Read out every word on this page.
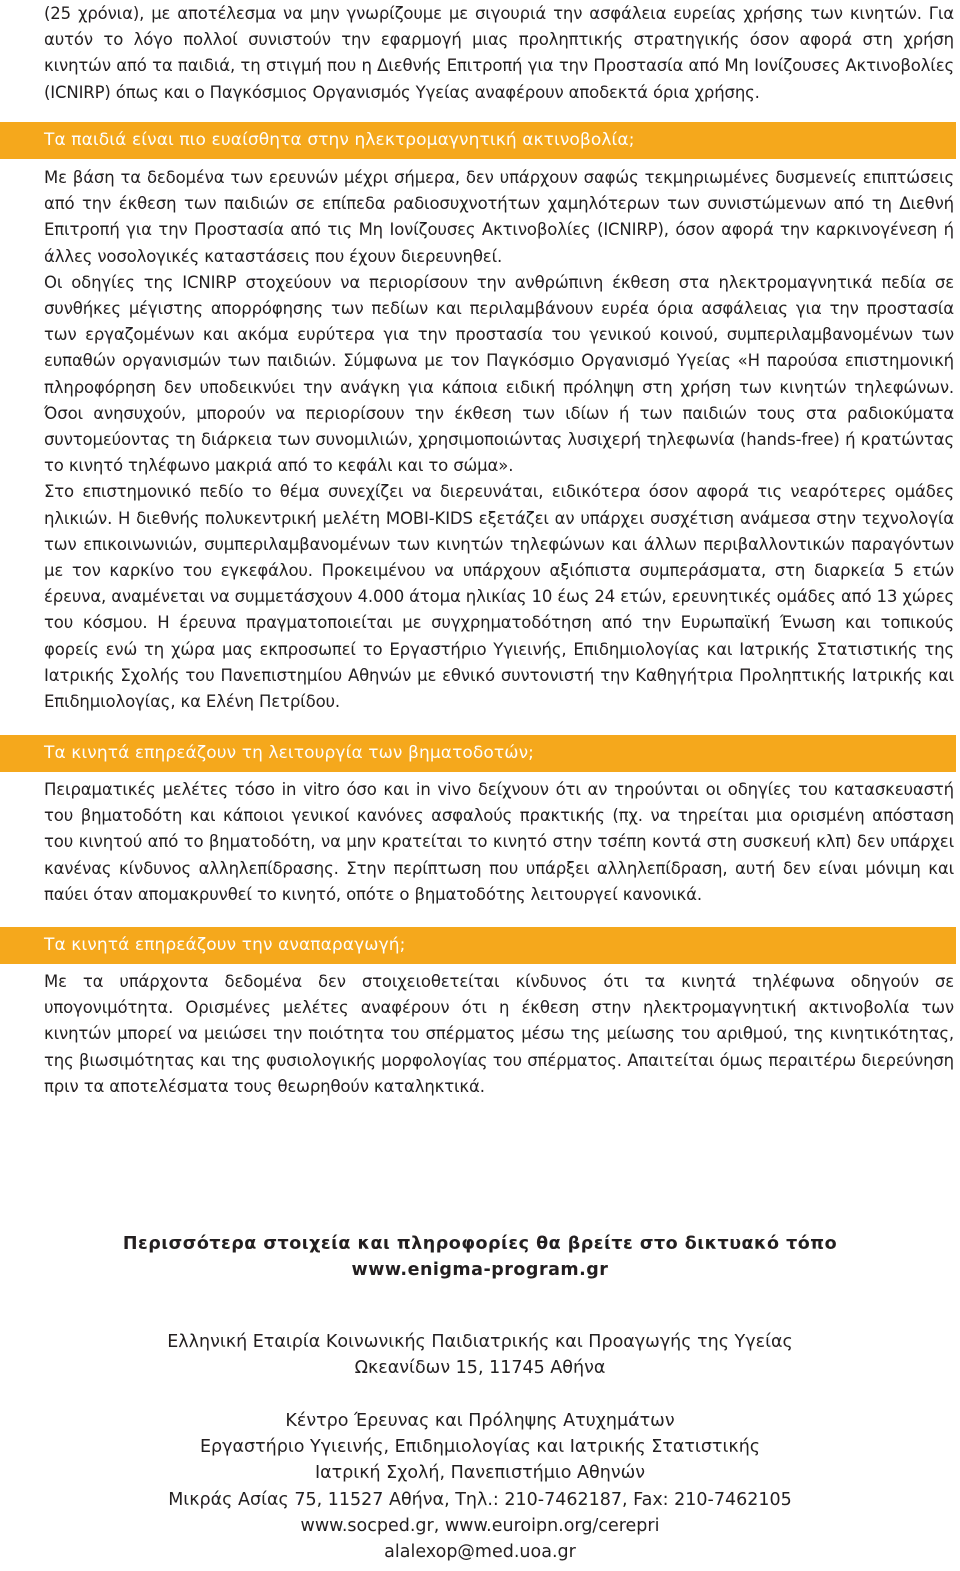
(25 χρόνια), με αποτέλεσμα να μην γνωρίζουμε με σιγουριά την ασφάλεια ευρείας χρήσης των κινητών. Για αυτόν το λόγο πολλοί συνιστούν την εφαρμογή μιας προληπτικής στρατηγικής όσον αφορά στη χρήση κινητών από τα παιδιά, τη στιγμή που η Διεθνής Επιτροπή για την Προστασία από Μη Ιονίζουσες Ακτινοβολίες (ICNIRP) όπως και ο Παγκόσμιος Οργανισμός Υγείας αναφέρουν αποδεκτά όρια χρήσης.

Τα παιδιά είναι πιο ευαίσθητα στην ηλεκτρομαγνητική ακτινοβολία;

Με βάση τα δεδομένα των ερευνών μέχρι σήμερα, δεν υπάρχουν σαφώς τεκμηριωμένες δυσμενείς επιπτώσεις από την έκθεση των παιδιών σε επίπεδα ραδιοσυχνοτήτων χαμηλότερων των συνιστώμενων από τη Διεθνή Επιτροπή για την Προστασία από τις Μη Ιονίζουσες Ακτινοβολίες (ICNIRP), όσον αφορά την καρκινογένεση ή άλλες νοσολογικές καταστάσεις που έχουν διερευνηθεί.

Οι οδηγίες της ICNIRP στοχεύουν να περιορίσουν την ανθρώπινη έκθεση στα ηλεκτρομαγνητικά πεδία σε συνθήκες μέγιστης απορρόφησης των πεδίων και περιλαμβάνουν ευρέα όρια ασφάλειας για την προστασία των εργαζομένων και ακόμα ευρύτερα για την προστασία του γενικού κοινού, συμπεριλαμβανομένων των ευπαθών οργανισμών των παιδιών. Σύμφωνα με τον Παγκόσμιο Οργανισμό Υγείας «Η παρούσα επιστημονική πληροφόρηση δεν υποδεικνύει την ανάγκη για κάποια ειδική πρόληψη στη χρήση των κινητών τηλεφώνων. Όσοι ανησυχούν, μπορούν να περιορίσουν την έκθεση των ιδίων ή των παιδιών τους στα ραδιοκύματα συντομεύοντας τη διάρκεια των συνομιλιών, χρησιμοποιώντας λυσιχερή τηλεφωνία (hands-free) ή κρατώντας το κινητό τηλέφωνο μακριά από το κεφάλι και το σώμα».

Στο επιστημονικό πεδίο το θέμα συνεχίζει να διερευνάται, ειδικότερα όσον αφορά τις νεαρότερες ομάδες ηλικιών. Η διεθνής πολυκεντρική μελέτη MOBI-KIDS εξετάζει αν υπάρχει συσχέτιση ανάμεσα στην τεχνολογία των επικοινωνιών, συμπεριλαμβανομένων των κινητών τηλεφώνων και άλλων περιβαλλοντικών παραγόντων με τον καρκίνο του εγκεφάλου. Προκειμένου να υπάρχουν αξιόπιστα συμπεράσματα, στη διαρκεία 5 ετών έρευνα, αναμένεται να συμμετάσχουν 4.000 άτομα ηλικίας 10 έως 24 ετών, ερευνητικές ομάδες από 13 χώρες του κόσμου. Η έρευνα πραγματοποιείται με συγχρηματοδότηση από την Ευρωπαϊκή Ένωση και τοπικούς φορείς ενώ τη χώρα μας εκπροσωπεί το Εργαστήριο Υγιεινής, Επιδημιολογίας και Ιατρικής Στατιστικής της Ιατρικής Σχολής του Πανεπιστημίου Αθηνών με εθνικό συντονιστή την Καθηγήτρια Προληπτικής Ιατρικής και Επιδημιολογίας, κα Ελένη Πετρίδου.

Τα κινητά επηρεάζουν τη λειτουργία των βηματοδοτών;

Πειραματικές μελέτες τόσο in vitro όσο και in vivo δείχνουν ότι αν τηρούνται οι οδηγίες του κατασκευαστή του βηματοδότη και κάποιοι γενικοί κανόνες ασφαλούς πρακτικής (πχ. να τηρείται μια ορισμένη απόσταση του κινητού από το βηματοδότη, να μην κρατείται το κινητό στην τσέπη κοντά στη συσκευή κλπ) δεν υπάρχει κανένας κίνδυνος αλληλεπίδρασης. Στην περίπτωση που υπάρξει αλληλεπίδραση, αυτή δεν είναι μόνιμη και παύει όταν απομακρυνθεί το κινητό, οπότε ο βηματοδότης λειτουργεί κανονικά.

Τα κινητά επηρεάζουν την αναπαραγωγή;

Με τα υπάρχοντα δεδομένα δεν στοιχειοθετείται κίνδυνος ότι τα κινητά τηλέφωνα οδηγούν σε υπογονιμότητα. Ορισμένες μελέτες αναφέρουν ότι η έκθεση στην ηλεκτρομαγνητική ακτινοβολία των κινητών μπορεί να μειώσει την ποιότητα του σπέρματος μέσω της μείωσης του αριθμού, της κινητικότητας, της βιωσιμότητας και της φυσιολογικής μορφολογίας του σπέρματος. Απαιτείται όμως περαιτέρω διερεύνηση πριν τα αποτελέσματα τους θεωρηθούν καταληκτικά.

Περισσότερα στοιχεία και πληροφορίες θα βρείτε στο δικτυακό τόπο
www.enigma-program.gr
Ελληνική Εταιρία Κοινωνικής Παιδιατρικής και Προαγωγής της Υγείας
Ωκεανίδων 15, 11745 Αθήνα
Κέντρο Έρευνας και Πρόληψης Ατυχημάτων
Εργαστήριο Υγιεινής, Επιδημιολογίας και Ιατρικής Στατιστικής
Ιατρική Σχολή, Πανεπιστήμιο Αθηνών
Μικράς Ασίας 75, 11527 Αθήνα, Τηλ.: 210-7462187, Fax: 210-7462105
www.socped.gr, www.euroipn.org/cerepri
alalexop@med.uoa.gr
